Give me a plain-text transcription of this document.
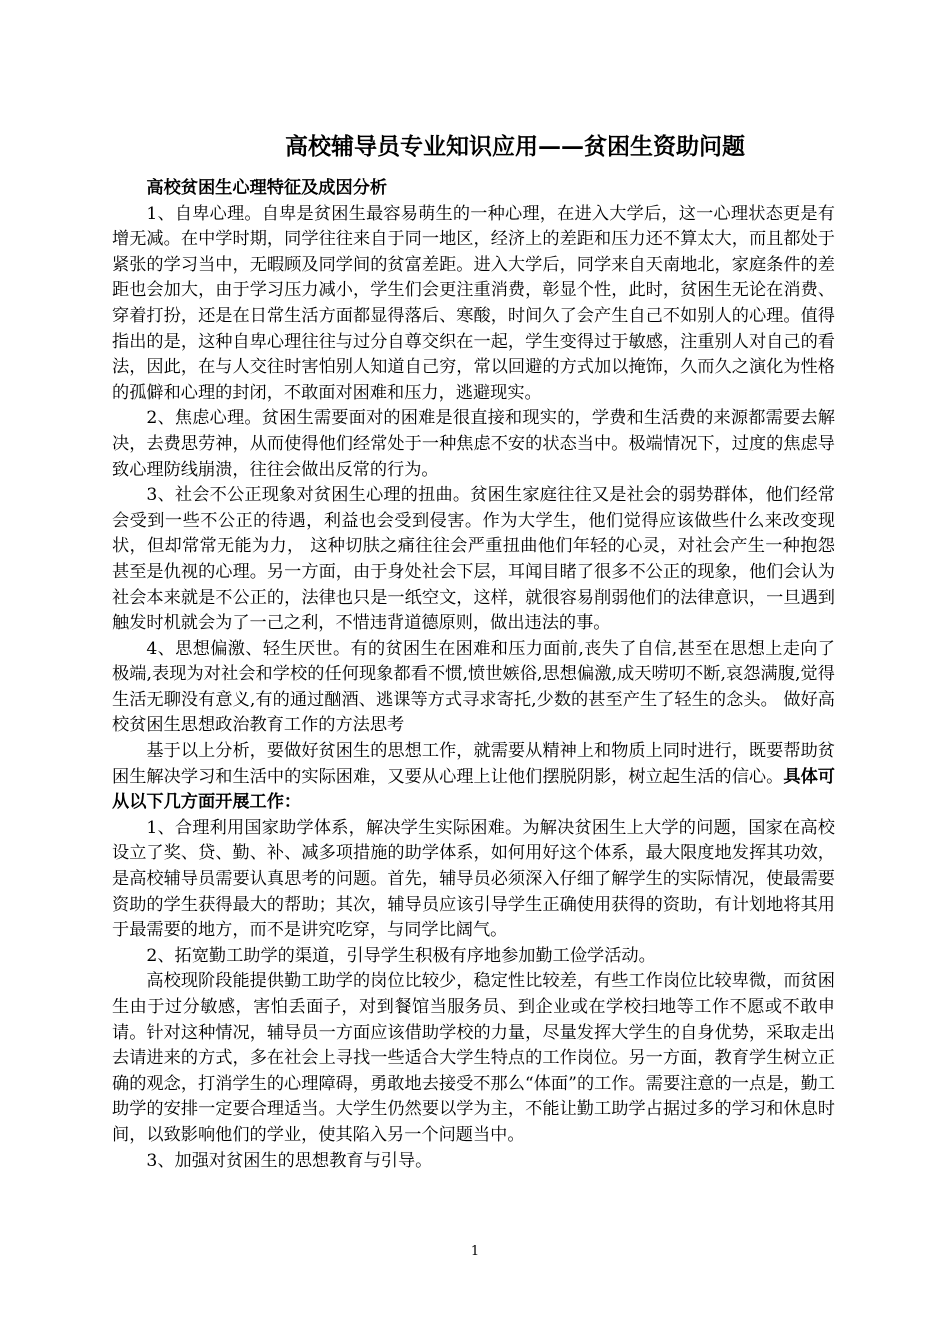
高校辅导员专业知识应用——贫困生资助问题

高校贫困生心理特征及成因分析

1、自卑心理。自卑是贫困生最容易萌生的一种心理，在进入大学后，这一心理状态更是有增无减。在中学时期，同学往往来自于同一地区，经济上的差距和压力还不算太大，而且都处于紧张的学习当中，无暇顾及同学间的贫富差距。进入大学后，同学来自天南地北，家庭条件的差距也会加大，由于学习压力减小，学生们会更注重消费，彰显个性，此时，贫困生无论在消费、穿着打扮，还是在日常生活方面都显得落后、寒酸，时间久了会产生自己不如别人的心理。值得指出的是，这种自卑心理往往与过分自尊交织在一起，学生变得过于敏感，注重别人对自己的看法，因此，在与人交往时害怕别人知道自己穷，常以回避的方式加以掩饰，久而久之演化为性格的孤僻和心理的封闭，不敢面对困难和压力，逃避现实。

2、焦虑心理。贫困生需要面对的困难是很直接和现实的，学费和生活费的来源都需要去解决，去费思劳神，从而使得他们经常处于一种焦虑不安的状态当中。极端情况下，过度的焦虑导致心理防线崩溃，往往会做出反常的行为。

3、社会不公正现象对贫困生心理的扭曲。贫困生家庭往往又是社会的弱势群体，他们经常会受到一些不公正的待遇，利益也会受到侵害。作为大学生，他们觉得应该做些什么来改变现状，但却常常无能为力， 这种切肤之痛往往会严重扭曲他们年轻的心灵，对社会产生一种抱怨甚至是仇视的心理。另一方面，由于身处社会下层，耳闻目睹了很多不公正的现象，他们会认为社会本来就是不公正的，法律也只是一纸空文，这样，就很容易削弱他们的法律意识，一旦遇到触发时机就会为了一己之利，不惜违背道德原则，做出违法的事。

4、思想偏激、轻生厌世。有的贫困生在困难和压力面前,丧失了自信,甚至在思想上走向了极端,表现为对社会和学校的任何现象都看不惯,愤世嫉俗,思想偏激,成天唠叨不断,哀怨满腹,觉得生活无聊没有意义,有的通过酗酒、逃课等方式寻求寄托,少数的甚至产生了轻生的念头。 做好高校贫困生思想政治教育工作的方法思考

基于以上分析，要做好贫困生的思想工作，就需要从精神上和物质上同时进行，既要帮助贫困生解决学习和生活中的实际困难，又要从心理上让他们摆脱阴影，树立起生活的信心。具体可从以下几方面开展工作：

1、合理利用国家助学体系，解决学生实际困难。为解决贫困生上大学的问题，国家在高校设立了奖、贷、勤、补、减多项措施的助学体系，如何用好这个体系，最大限度地发挥其功效，是高校辅导员需要认真思考的问题。首先，辅导员必须深入仔细了解学生的实际情况，使最需要资助的学生获得最大的帮助；其次，辅导员应该引导学生正确使用获得的资助，有计划地将其用于最需要的地方，而不是讲究吃穿，与同学比阔气。

2、拓宽勤工助学的渠道，引导学生积极有序地参加勤工俭学活动。

高校现阶段能提供勤工助学的岗位比较少，稳定性比较差，有些工作岗位比较卑微，而贫困生由于过分敏感，害怕丢面子，对到餐馆当服务员、到企业或在学校扫地等工作不愿或不敢申请。针对这种情况，辅导员一方面应该借助学校的力量，尽量发挥大学生的自身优势，采取走出去请进来的方式，多在社会上寻找一些适合大学生特点的工作岗位。另一方面，教育学生树立正确的观念，打消学生的心理障碍，勇敢地去接受不那么“体面”的工作。需要注意的一点是，勤工助学的安排一定要合理适当。大学生仍然要以学为主，不能让勤工助学占据过多的学习和休息时间，以致影响他们的学业，使其陷入另一个问题当中。

3、加强对贫困生的思想教育与引导。

1
